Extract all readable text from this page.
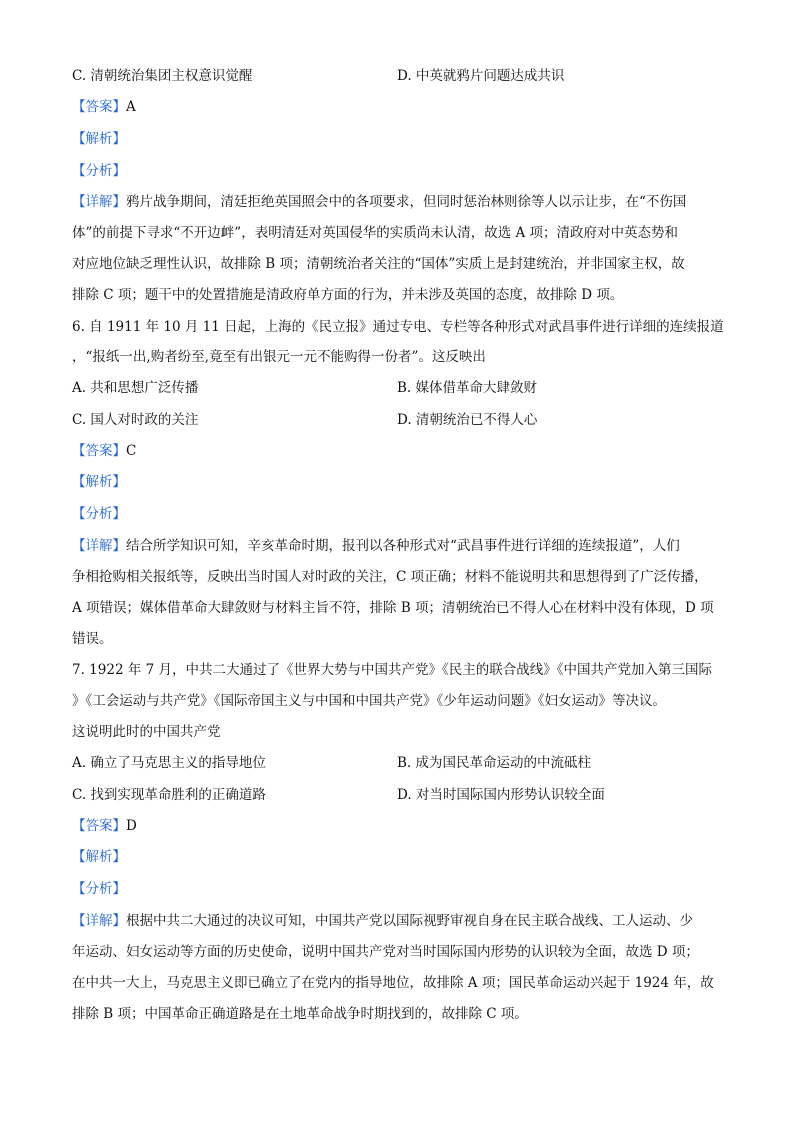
C. 清朝统治集团主权意识觉醒	D. 中英就鸦片问题达成共识
【答案】A
【解析】
【分析】
【详解】鸦片战争期间，清廷拒绝英国照会中的各项要求，但同时惩治林则徐等人以示让步，在“不伤国
体”的前提下寻求“不开边衅”，表明清廷对英国侵华的实质尚未认清，故选 A 项；清政府对中英态势和
对应地位缺乏理性认识，故排除 B 项；清朝统治者关注的“国体”实质上是封建统治，并非国家主权，故
排除 C 项；题干中的处置措施是清政府单方面的行为，并未涉及英国的态度，故排除 D 项。
6. 自 1911 年 10 月 11 日起，上海的《民立报》通过专电、专栏等各种形式对武昌事件进行详细的连续报道
，“报纸一出,购者纷至,竟至有出银元一元不能购得一份者”。这反映出
A. 共和思想广泛传播	B. 媒体借革命大肆敛财
C. 国人对时政的关注	D. 清朝统治已不得人心
【答案】C
【解析】
【分析】
【详解】结合所学知识可知，辛亥革命时期，报刊以各种形式对“武昌事件进行详细的连续报道”，人们
争相抢购相关报纸等，反映出当时国人对时政的关注，C 项正确；材料不能说明共和思想得到了广泛传播，
A 项错误；媒体借革命大肆敛财与材料主旨不符，排除 B 项；清朝统治已不得人心在材料中没有体现，D 项
错误。
7. 1922 年 7 月，中共二大通过了《世界大势与中国共产党》《民主的联合战线》《中国共产党加入第三国际
》《工会运动与共产党》《国际帝国主义与中国和中国共产党》《少年运动问题》《妇女运动》等决议。
这说明此时的中国共产党
A. 确立了马克思主义的指导地位	B. 成为国民革命运动的中流砥柱
C. 找到实现革命胜利的正确道路	D. 对当时国际国内形势认识较全面
【答案】D
【解析】
【分析】
【详解】根据中共二大通过的决议可知，中国共产党以国际视野审视自身在民主联合战线、工人运动、少
年运动、妇女运动等方面的历史使命，说明中国共产党对当时国际国内形势的认识较为全面，故选 D 项；
在中共一大上，马克思主义即已确立了在党内的指导地位，故排除 A 项；国民革命运动兴起于 1924 年，故
排除 B 项；中国革命正确道路是在土地革命战争时期找到的，故排除 C 项。
